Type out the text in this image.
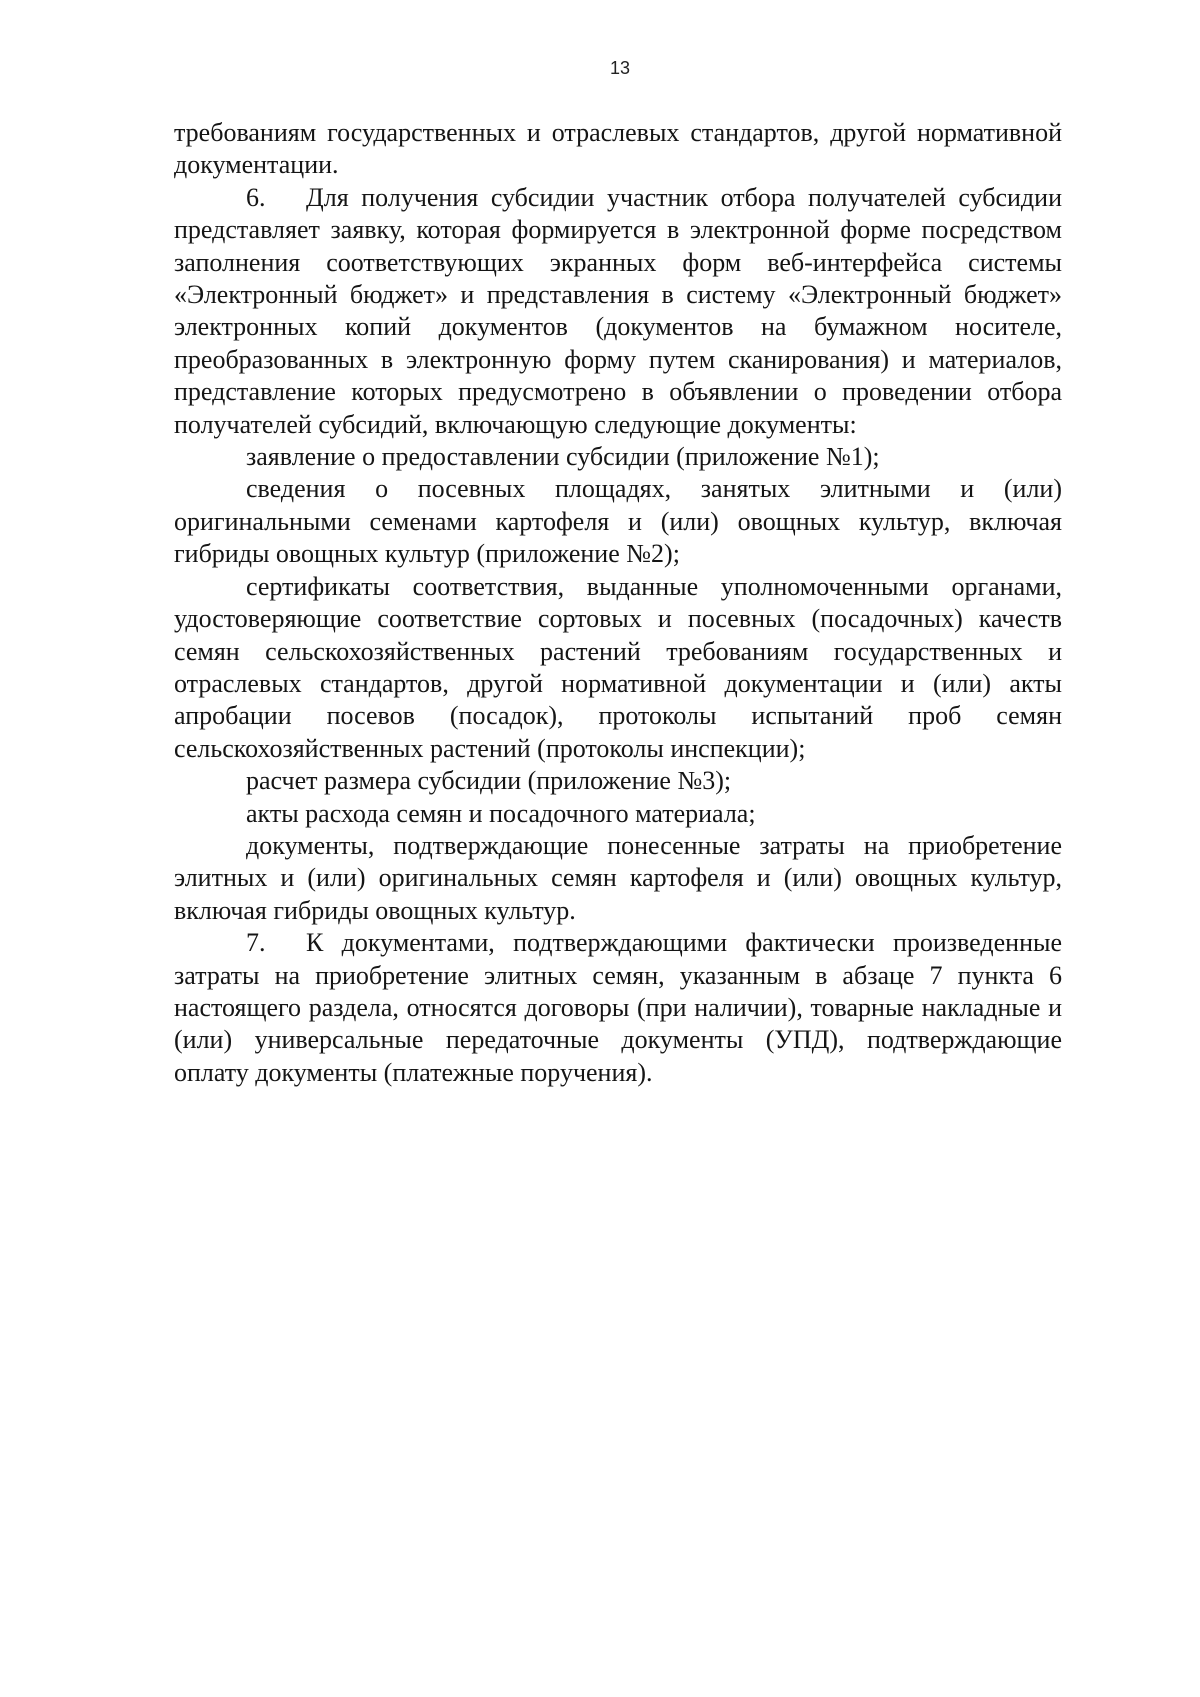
13

требованиям государственных и отраслевых стандартов, другой нормативной документации.

6. Для получения субсидии участник отбора получателей субсидии представляет заявку, которая формируется в электронной форме посредством заполнения соответствующих экранных форм веб-интерфейса системы «Электронный бюджет» и представления в систему «Электронный бюджет» электронных копий документов (документов на бумажном носителе, преобразованных в электронную форму путем сканирования) и материалов, представление которых предусмотрено в объявлении о проведении отбора получателей субсидий, включающую следующие документы:

заявление о предоставлении субсидии (приложение №1);

сведения о посевных площадях, занятых элитными и (или) оригинальными семенами картофеля и (или) овощных культур, включая гибриды овощных культур (приложение №2);

сертификаты соответствия, выданные уполномоченными органами, удостоверяющие соответствие сортовых и посевных (посадочных) качеств семян сельскохозяйственных растений требованиям государственных и отраслевых стандартов, другой нормативной документации и (или) акты апробации посевов (посадок), протоколы испытаний проб семян сельскохозяйственных растений (протоколы инспекции);

расчет размера субсидии (приложение №3);

акты расхода семян и посадочного материала;

документы, подтверждающие понесенные затраты на приобретение элитных и (или) оригинальных семян картофеля и (или) овощных культур, включая гибриды овощных культур.

7. К документами, подтверждающими фактически произведенные затраты на приобретение элитных семян, указанным в абзаце 7 пункта 6 настоящего раздела, относятся договоры (при наличии), товарные накладные и (или) универсальные передаточные документы (УПД), подтверждающие оплату документы (платежные поручения).
